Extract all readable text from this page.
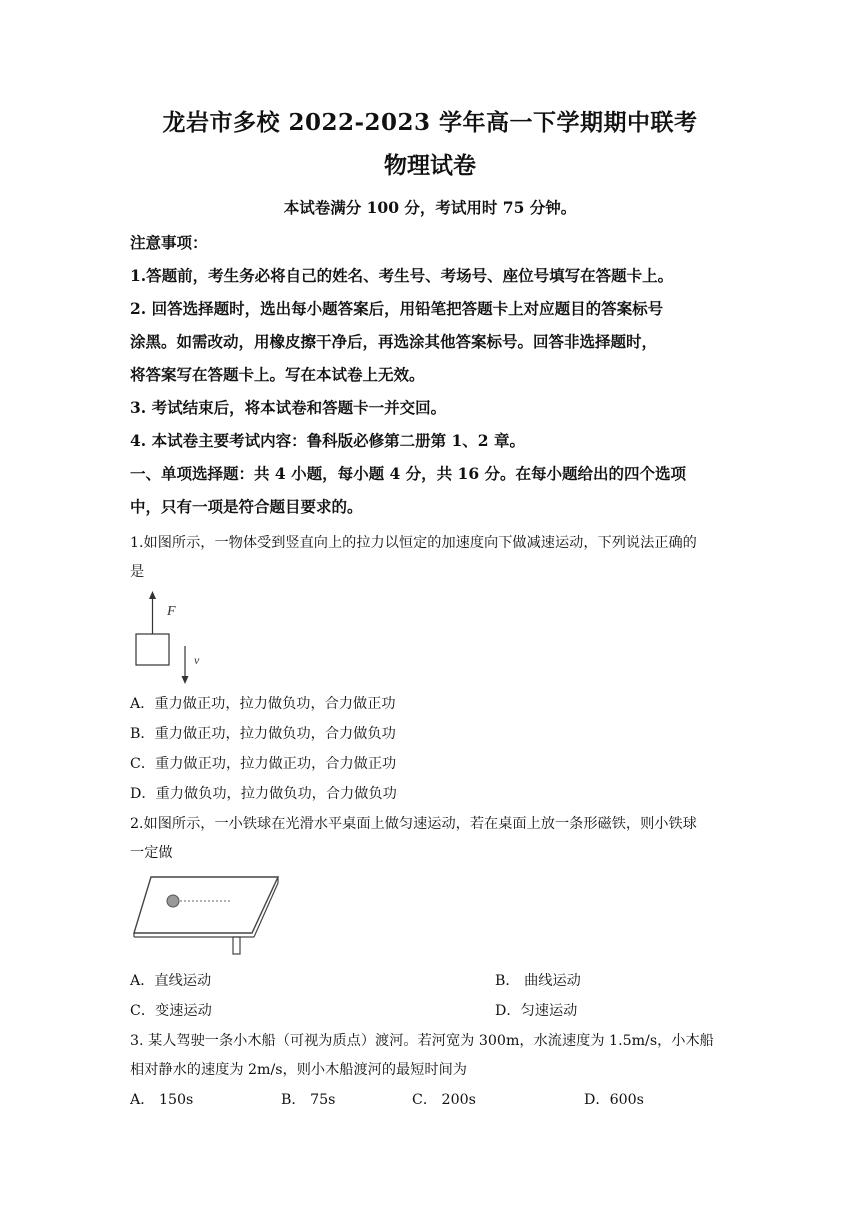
龙岩市多校 2022-2023 学年高一下学期期中联考
物理试卷
本试卷满分 100 分，考试用时 75 分钟。
注意事项：
1.答题前，考生务必将自己的姓名、考生号、考场号、座位号填写在答题卡上。
2. 回答选择题时，选出每小题答案后，用铅笔把答题卡上对应题目的答案标号
涂黑。如需改动，用橡皮擦干净后，再选涂其他答案标号。回答非选择题时，
将答案写在答题卡上。写在本试卷上无效。
3. 考试结束后，将本试卷和答题卡一并交回。
4. 本试卷主要考试内容：鲁科版必修第二册第 1、2 章。
一、单项选择题：共 4 小题，每小题 4 分，共 16 分。在每小题给出的四个选项
中，只有一项是符合题目要求的。
1.如图所示，一物体受到竖直向上的拉力以恒定的加速度向下做减速运动，下列说法正确的
是
F
v
A．重力做正功，拉力做负功，合力做正功
B．重力做正功，拉力做负功，合力做负功
C．重力做正功，拉力做正功，合力做正功
D．重力做负功，拉力做负功，合力做负功
2.如图所示，一小铁球在光滑水平桌面上做匀速运动，若在桌面上放一条形磁铁，则小铁球
一定做
A．直线运动	B． 曲线运动
C．变速运动	D．匀速运动
3. 某人驾驶一条小木船（可视为质点）渡河。若河宽为 300m，水流速度为 1.5m/s，小木船
相对静水的速度为 2m/s，则小木船渡河的最短时间为
A． 150s	B． 75s	C． 200s	D．600s
